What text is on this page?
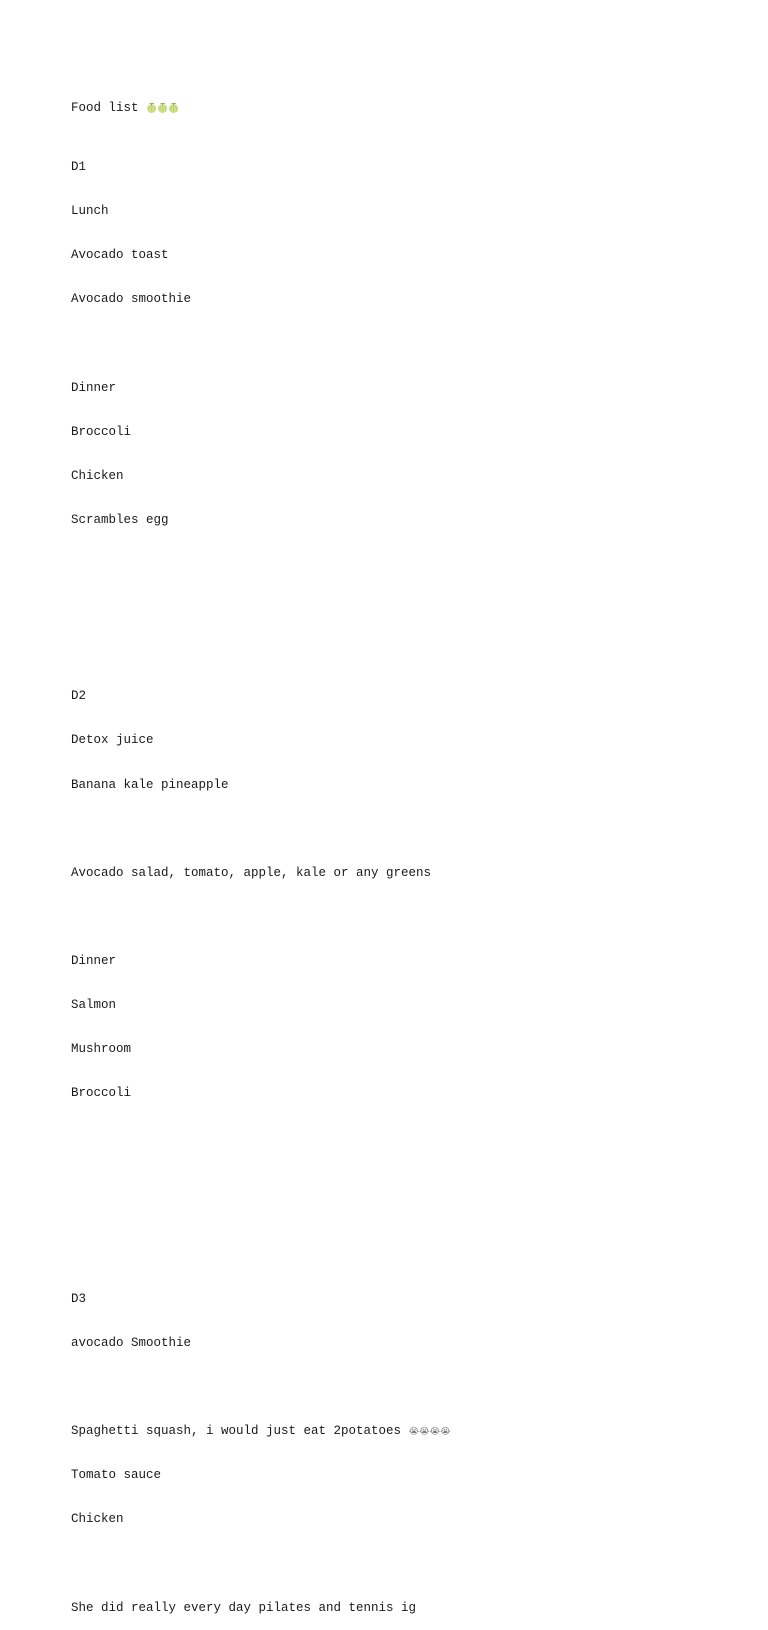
Food list 🍈🍈🍈

D1

Lunch

Avocado toast

Avocado smoothie

Dinner

Broccoli

Chicken

Scrambles egg

D2

Detox juice

Banana kale pineapple

Avocado salad, tomato, apple, kale or any greens

Dinner

Salmon

Mushroom

Broccoli

D3

avocado Smoothie

Spaghetti squash, i would just eat 2potatoes 😭😭😭😭

Tomato sauce

Chicken

She did really every day pilates and tennis ig
